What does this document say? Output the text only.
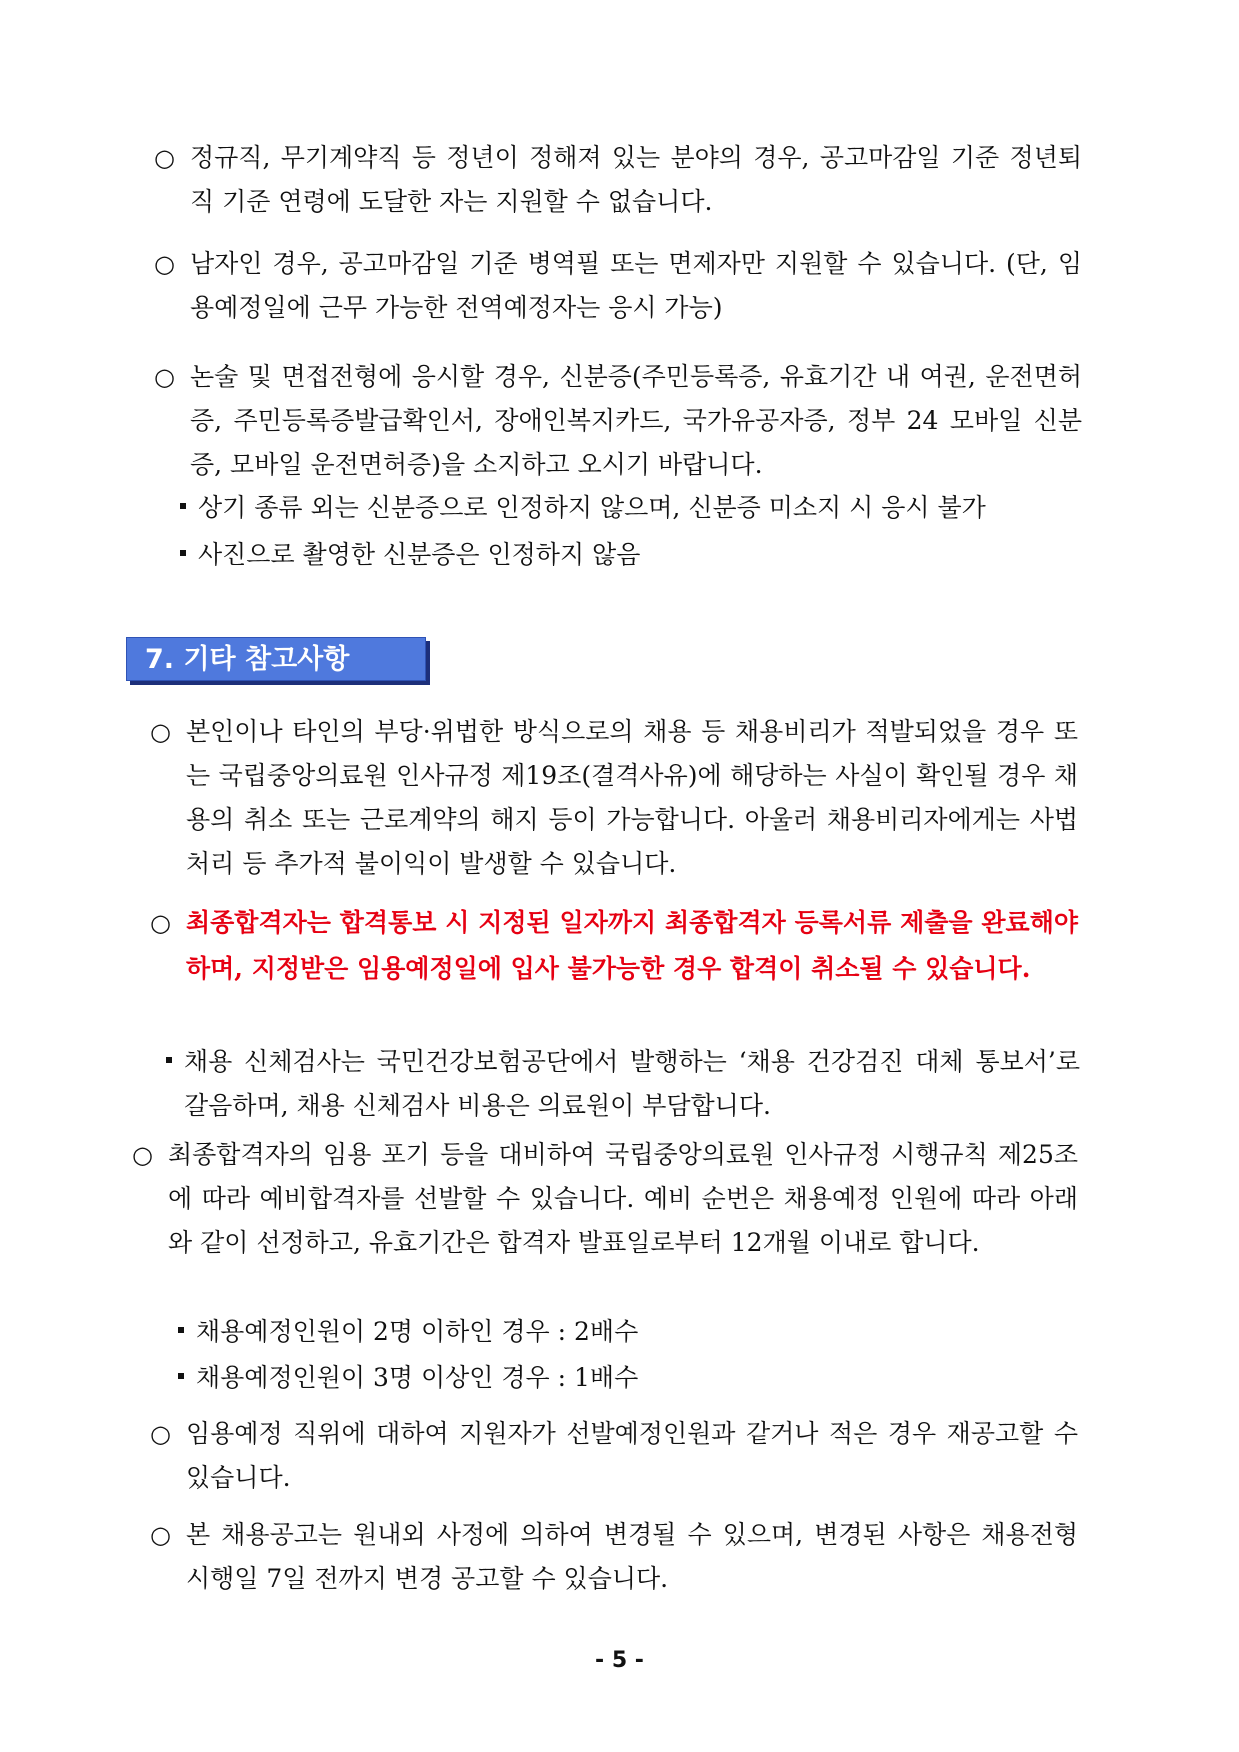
○ 정규직, 무기계약직 등 정년이 정해져 있는 분야의 경우, 공고마감일 기준 정년퇴직 기준 연령에 도달한 자는 지원할 수 없습니다.
○ 남자인 경우, 공고마감일 기준 병역필 또는 면제자만 지원할 수 있습니다. (단, 임용예정일에 근무 가능한 전역예정자는 응시 가능)
○ 논술 및 면접전형에 응시할 경우, 신분증(주민등록증, 유효기간 내 여권, 운전면허증, 주민등록증발급확인서, 장애인복지카드, 국가유공자증, 정부 24 모바일 신분증, 모바일 운전면허증)을 소지하고 오시기 바랍니다.
상기 종류 외는 신분증으로 인정하지 않으며, 신분증 미소지 시 응시 불가
사진으로 촬영한 신분증은 인정하지 않음
7. 기타 참고사항
○ 본인이나 타인의 부당·위법한 방식으로의 채용 등 채용비리가 적발되었을 경우 또는 국립중앙의료원 인사규정 제19조(결격사유)에 해당하는 사실이 확인될 경우 채용의 취소 또는 근로계약의 해지 등이 가능합니다. 아울러 채용비리자에게는 사법처리 등 추가적 불이익이 발생할 수 있습니다.
○ 최종합격자는 합격통보 시 지정된 일자까지 최종합격자 등록서류 제출을 완료해야하며, 지정받은 임용예정일에 입사 불가능한 경우 합격이 취소될 수 있습니다.
채용 신체검사는 국민건강보험공단에서 발행하는 ‘채용 건강검진 대체 통보서’로 갈음하며, 채용 신체검사 비용은 의료원이 부담합니다.
○ 최종합격자의 임용 포기 등을 대비하여 국립중앙의료원 인사규정 시행규칙 제25조에 따라 예비합격자를 선발할 수 있습니다. 예비 순번은 채용예정 인원에 따라 아래와 같이 선정하고, 유효기간은 합격자 발표일로부터 12개월 이내로 합니다.
채용예정인원이 2명 이하인 경우 : 2배수
채용예정인원이 3명 이상인 경우 : 1배수
○ 임용예정 직위에 대하여 지원자가 선발예정인원과 같거나 적은 경우 재공고할 수 있습니다.
○ 본 채용공고는 원내외 사정에 의하여 변경될 수 있으며, 변경된 사항은 채용전형 시행일 7일 전까지 변경 공고할 수 있습니다.
- 5 -
